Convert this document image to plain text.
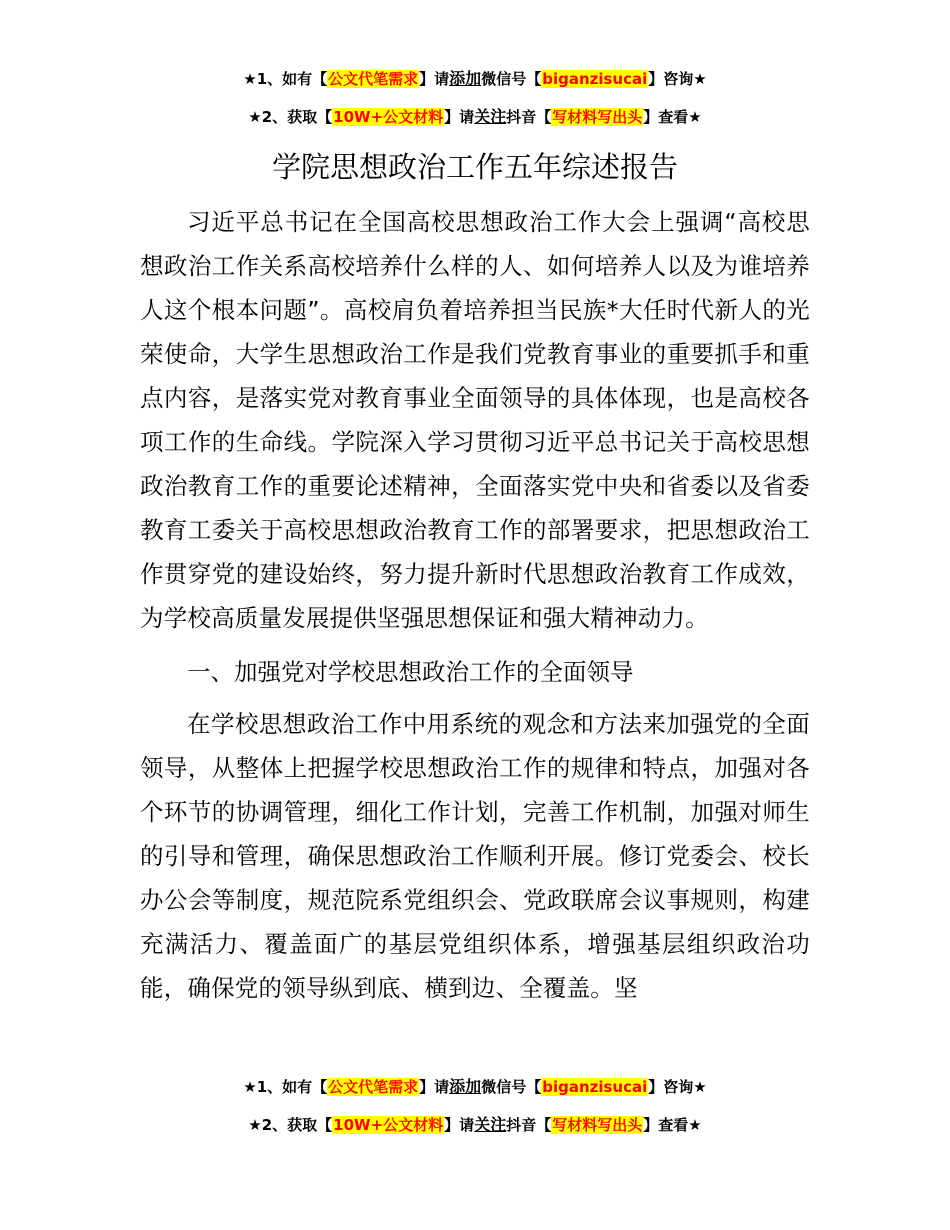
★1、如有【公文代笔需求】请添加微信号【biganzisucai】咨询★
★2、获取【10W+公文材料】请关注抖音【写材料写出头】查看★
学院思想政治工作五年综述报告

习近平总书记在全国高校思想政治工作大会上强调“高校思想政治工作关系高校培养什么样的人、如何培养人以及为谁培养人这个根本问题”。高校肩负着培养担当民族*大任时代新人的光荣使命，大学生思想政治工作是我们党教育事业的重要抓手和重点内容，是落实党对教育事业全面领导的具体体现，也是高校各项工作的生命线。学院深入学习贯彻习近平总书记关于高校思想政治教育工作的重要论述精神，全面落实党中央和省委以及省委教育工委关于高校思想政治教育工作的部署要求，把思想政治工作贯穿党的建设始终，努力提升新时代思想政治教育工作成效，为学校高质量发展提供坚强思想保证和强大精神动力。

一、加强党对学校思想政治工作的全面领导

在学校思想政治工作中用系统的观念和方法来加强党的全面领导，从整体上把握学校思想政治工作的规律和特点，加强对各个环节的协调管理，细化工作计划，完善工作机制，加强对师生的引导和管理，确保思想政治工作顺利开展。修订党委会、校长办公会等制度，规范院系党组织会、党政联席会议事规则，构建充满活力、覆盖面广的基层党组织体系，增强基层组织政治功能，确保党的领导纵到底、横到边、全覆盖。坚

★1、如有【公文代笔需求】请添加微信号【biganzisucai】咨询★
★2、获取【10W+公文材料】请关注抖音【写材料写出头】查看★
